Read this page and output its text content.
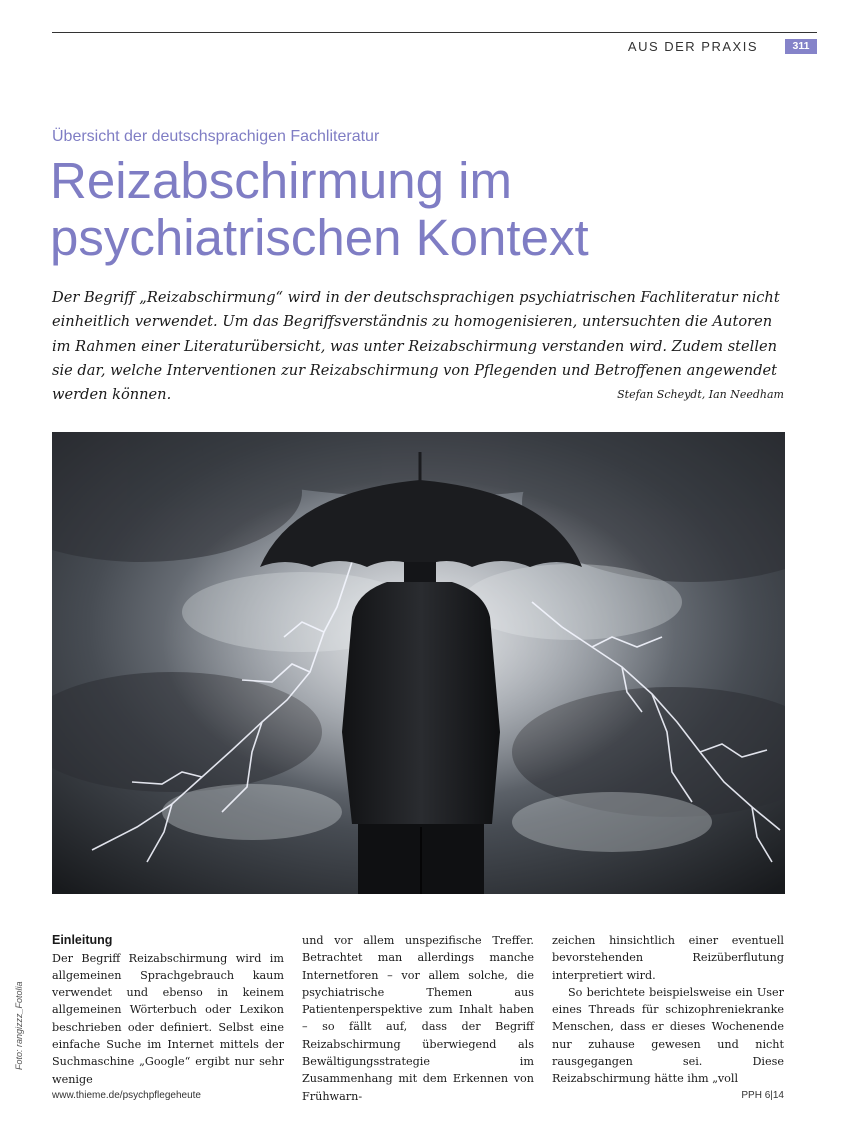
AUS DER PRAXIS	311
Übersicht der deutschsprachigen Fachliteratur
Reizabschirmung im
psychiatrischen Kontext
Der Begriff „Reizabschirmung“ wird in der deutschsprachigen psychiatrischen Fachliteratur nicht einheitlich verwendet. Um das Begriffsverständnis zu homogenisieren, untersuchten die Autoren im Rahmen einer Literaturübersicht, was unter Reizabschirmung verstanden wird. Zudem stellen sie dar, welche Interventionen zur Reizabschirmung von Pflegenden und Betroffenen angewendet werden können.	Stefan Scheydt, Ian Needham
Foto: rangizzz_Fotolia
Einleitung

Der Begriff Reizabschirmung wird im allgemeinen Sprachgebrauch kaum verwendet und ebenso in keinem allgemeinen Wörterbuch oder Lexikon beschrieben oder definiert. Selbst eine einfache Suche im Internet mittels der Suchmaschine „Google“ ergibt nur sehr wenige

und vor allem unspezifische Treffer. Betrachtet man allerdings manche Internetforen – vor allem solche, die psychiatrische Themen aus Patientenperspektive zum Inhalt haben – so fällt auf, dass der Begriff Reizabschirmung überwiegend als Bewältigungsstrategie im Zusammenhang mit dem Erkennen von Frühwarn-

zeichen hinsichtlich einer eventuell bevorstehenden Reizüberflutung interpretiert wird.

So berichtete beispielsweise ein User eines Threads für schizophreniekranke Menschen, dass er dieses Wochenende nur zuhause gewesen und nicht rausgegangen sei. Diese Reizabschirmung hätte ihm „voll

www.thieme.de/psychpflegeheute	PPH 6|14
